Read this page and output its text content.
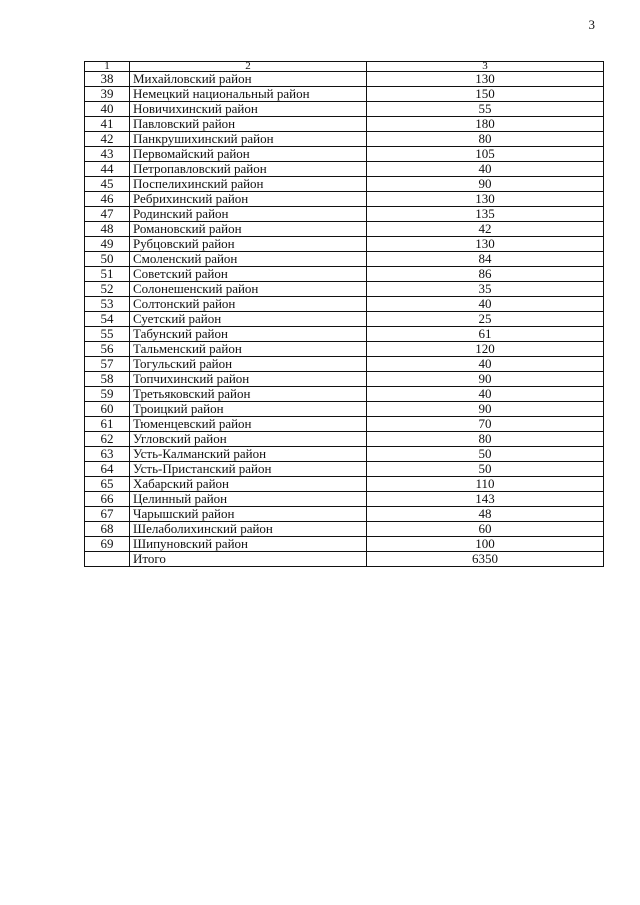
3
1	2	3
38	Михайловский район	130
39	Немецкий национальный район	150
40	Новичихинский район	55
41	Павловский район	180
42	Панкрушихинский район	80
43	Первомайский район	105
44	Петропавловский район	40
45	Поспелихинский район	90
46	Ребрихинский район	130
47	Родинский район	135
48	Романовский район	42
49	Рубцовский район	130
50	Смоленский район	84
51	Советский район	86
52	Солонешенский район	35
53	Солтонский район	40
54	Суетский район	25
55	Табунский район	61
56	Тальменский район	120
57	Тогульский район	40
58	Топчихинский район	90
59	Третьяковский район	40
60	Троицкий район	90
61	Тюменцевский район	70
62	Угловский район	80
63	Усть-Калманский район	50
64	Усть-Пристанский район	50
65	Хабарский район	110
66	Целинный район	143
67	Чарышский район	48
68	Шелаболихинский район	60
69	Шипуновский район	100
	Итого	6350
